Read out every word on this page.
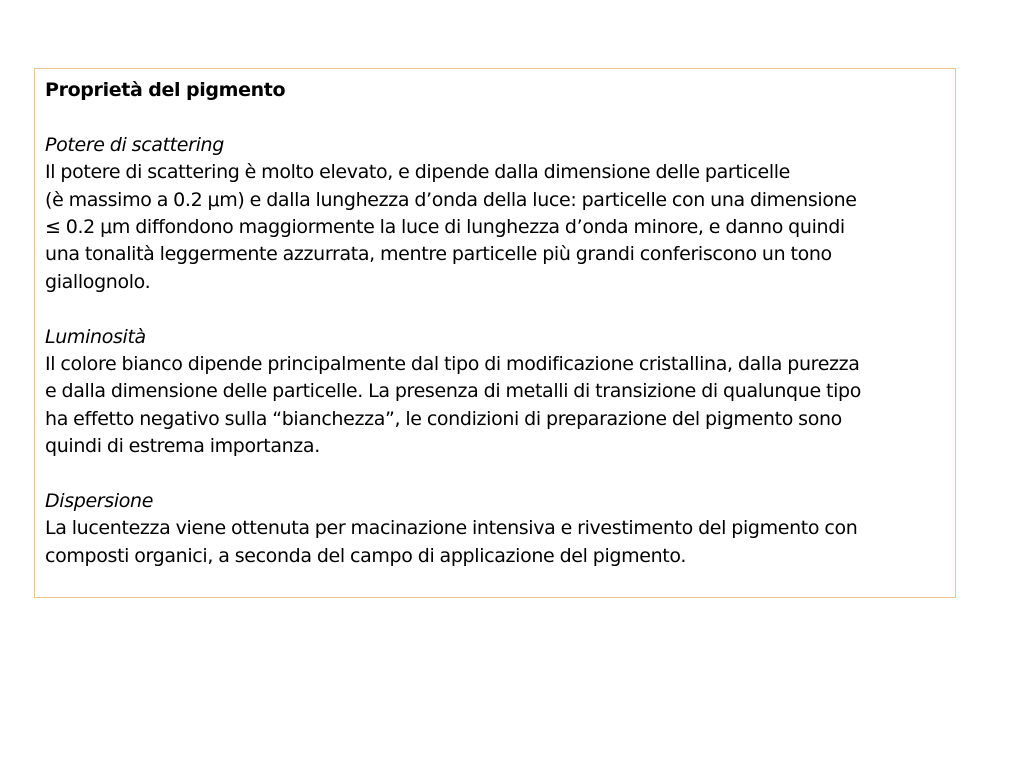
Proprietà del pigmento

Potere di scattering

Il potere di scattering è molto elevato, e dipende dalla dimensione delle particelle
(è massimo a 0.2 μm) e dalla lunghezza d’onda della luce: particelle con una dimensione
≤ 0.2 μm diffondono maggiormente la luce di lunghezza d’onda minore, e danno quindi
una tonalità leggermente azzurrata, mentre particelle più grandi conferiscono un tono
giallognolo.

Luminosità

Il colore bianco dipende principalmente dal tipo di modificazione cristallina, dalla purezza
e dalla dimensione delle particelle. La presenza di metalli di transizione di qualunque tipo
ha effetto negativo sulla “bianchezza”, le condizioni di preparazione del pigmento sono
quindi di estrema importanza.

Dispersione

La lucentezza viene ottenuta per macinazione intensiva e rivestimento del pigmento con
composti organici, a seconda del campo di applicazione del pigmento.
